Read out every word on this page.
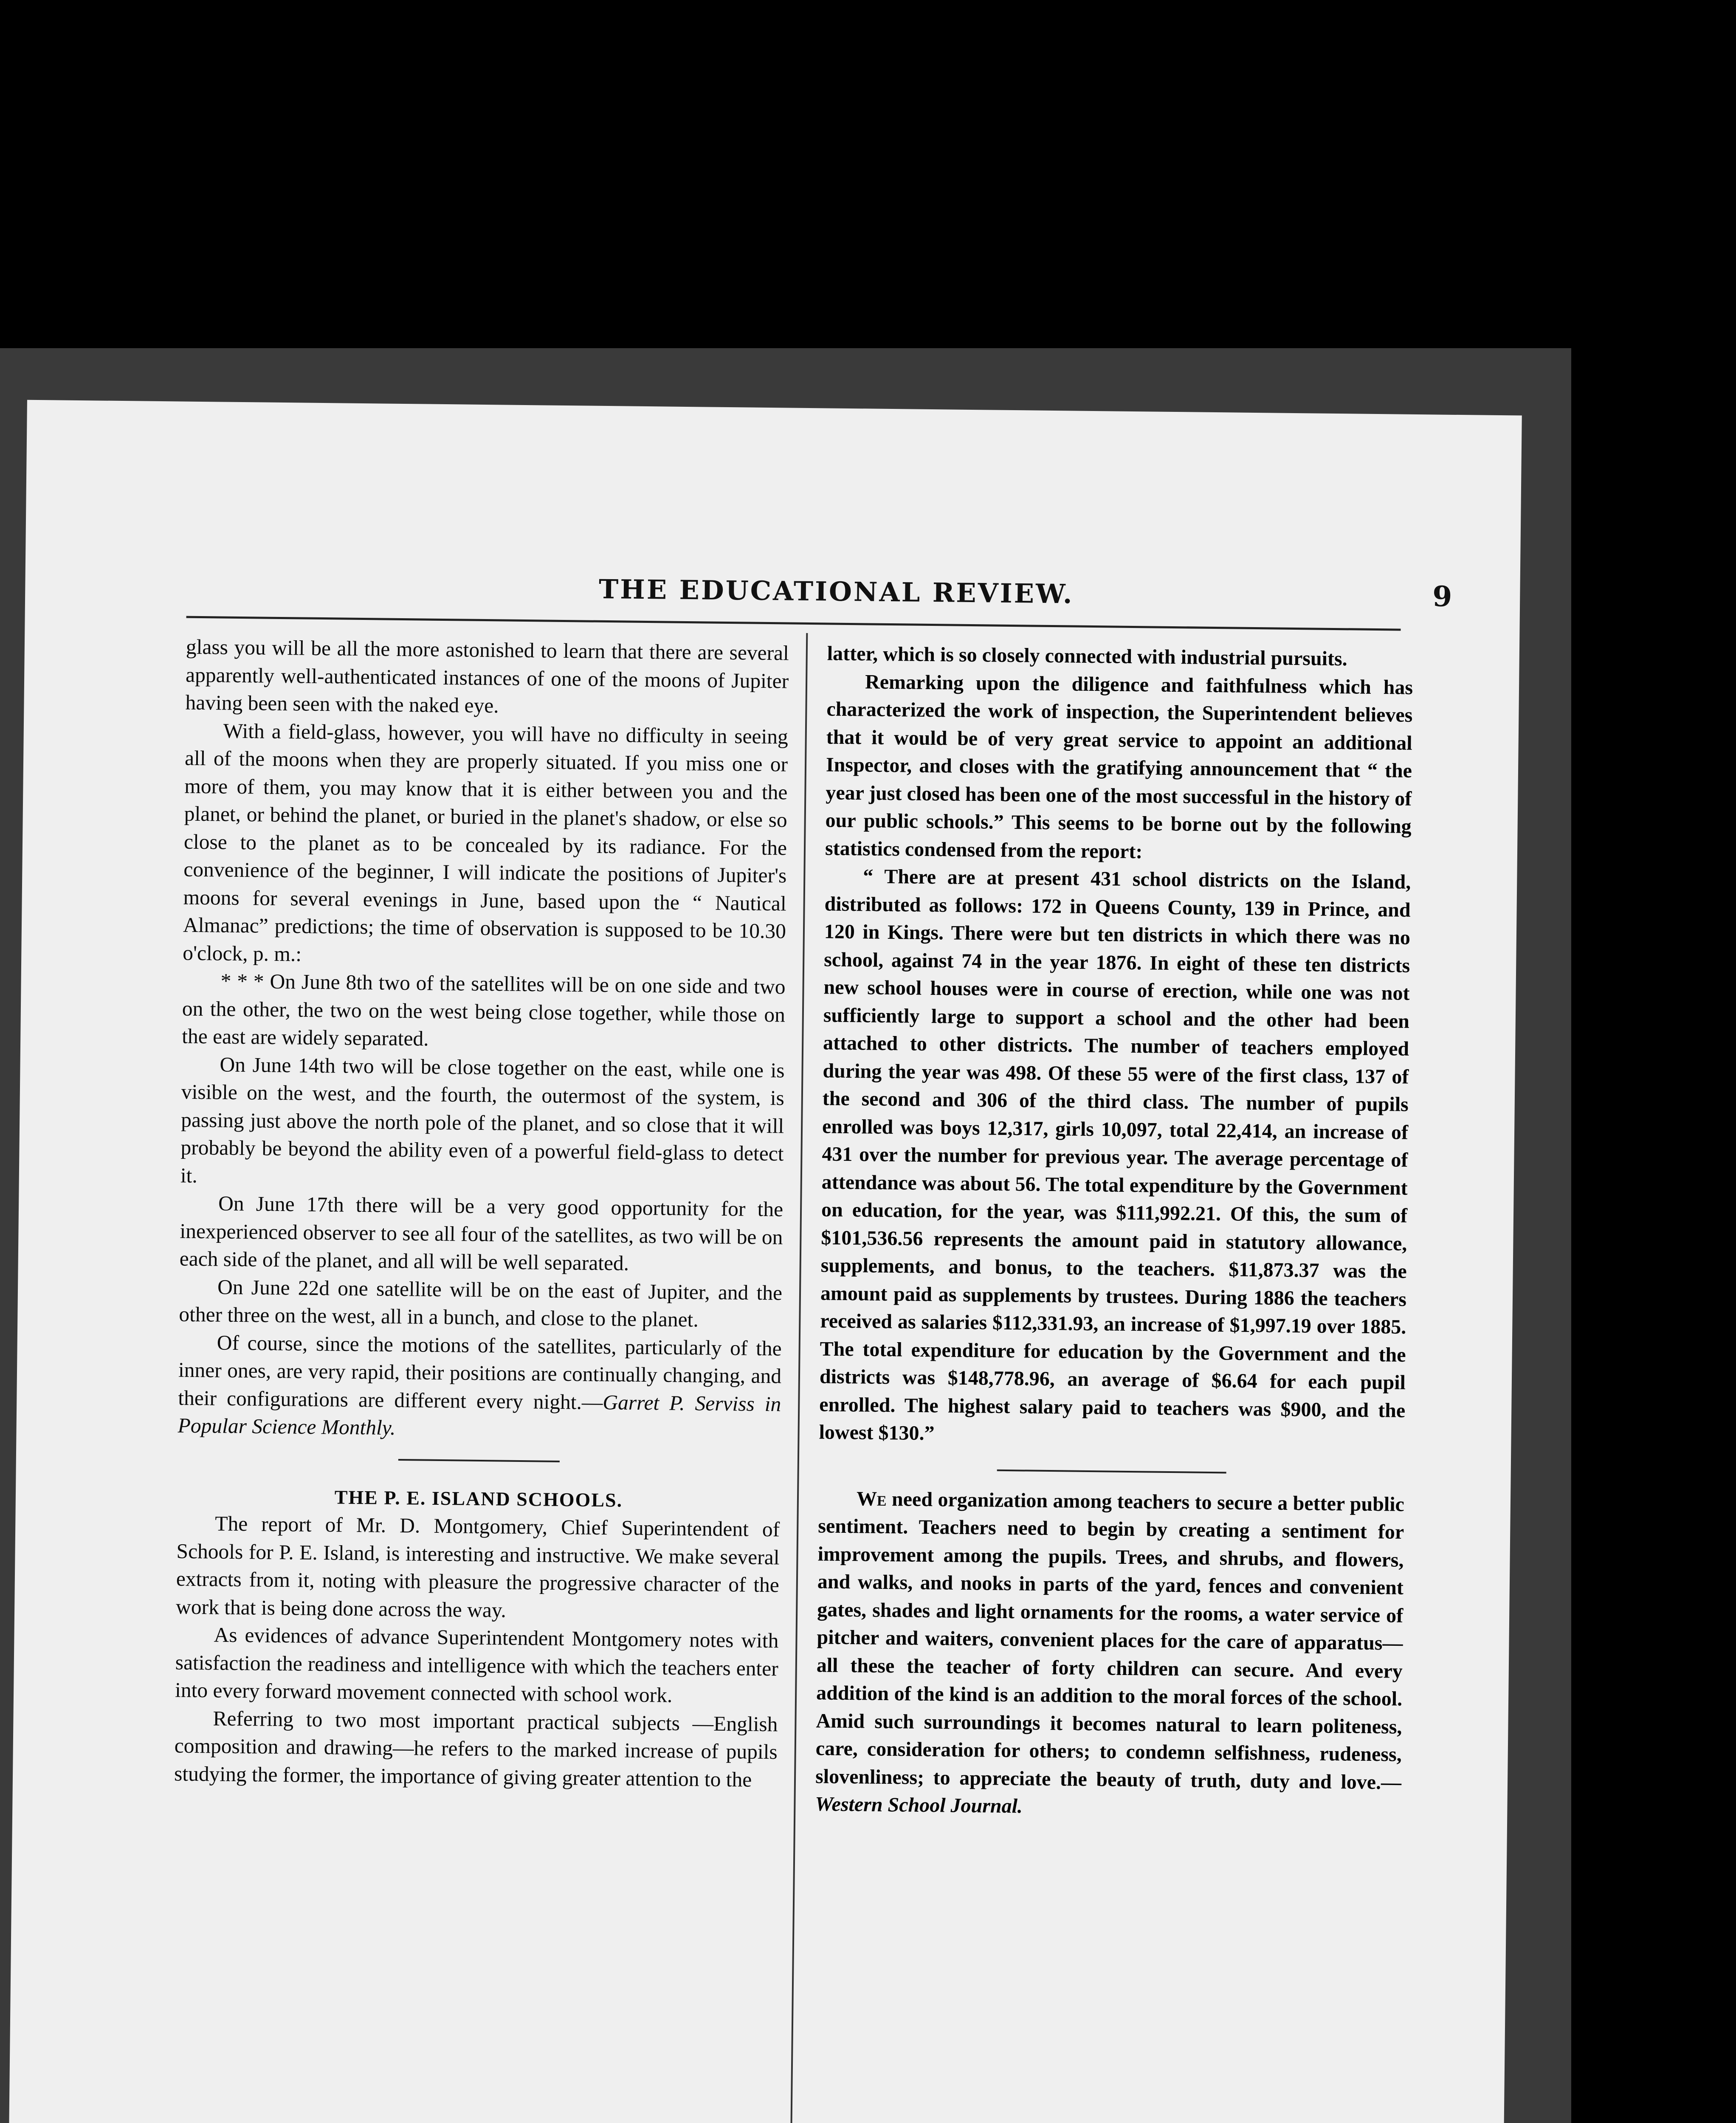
THE EDUCATIONAL REVIEW.	9

glass you will be all the more astonished to learn that there are several apparently well-authenticated instances of one of the moons of Jupiter having been seen with the naked eye.

With a field-glass, however, you will have no difficulty in seeing all of the moons when they are properly situated. If you miss one or more of them, you may know that it is either between you and the planet, or behind the planet, or buried in the planet's shadow, or else so close to the planet as to be concealed by its radiance. For the convenience of the beginner, I will indicate the positions of Jupiter's moons for several evenings in June, based upon the “ Nautical Almanac” predictions; the time of observation is supposed to be 10.30 o'clock, p. m.:

* * * On June 8th two of the satellites will be on one side and two on the other, the two on the west being close together, while those on the east are widely separated.

On June 14th two will be close together on the east, while one is visible on the west, and the fourth, the outermost of the system, is passing just above the north pole of the planet, and so close that it will probably be beyond the ability even of a powerful field-glass to detect it.

On June 17th there will be a very good opportunity for the inexperienced observer to see all four of the satellites, as two will be on each side of the planet, and all will be well separated.

On June 22d one satellite will be on the east of Jupiter, and the other three on the west, all in a bunch, and close to the planet.

Of course, since the motions of the satellites, particularly of the inner ones, are very rapid, their positions are continually changing, and their configurations are different every night.—Garret P. Serviss in Popular Science Monthly.

THE P. E. ISLAND SCHOOLS.

The report of Mr. D. Montgomery, Chief Superintendent of Schools for P. E. Island, is interesting and instructive. We make several extracts from it, noting with pleasure the progressive character of the work that is being done across the way.

As evidences of advance Superintendent Montgomery notes with satisfaction the readiness and intelligence with which the teachers enter into every forward movement connected with school work.

Referring to two most important practical subjects —English composition and drawing—he refers to the marked increase of pupils studying the former, the importance of giving greater attention to the

latter, which is so closely connected with industrial pursuits.

Remarking upon the diligence and faithfulness which has characterized the work of inspection, the Superintendent believes that it would be of very great service to appoint an additional Inspector, and closes with the gratifying announcement that “ the year just closed has been one of the most successful in the history of our public schools.” This seems to be borne out by the following statistics condensed from the report:

“ There are at present 431 school districts on the Island, distributed as follows: 172 in Queens County, 139 in Prince, and 120 in Kings. There were but ten districts in which there was no school, against 74 in the year 1876. In eight of these ten districts new school houses were in course of erection, while one was not sufficiently large to support a school and the other had been attached to other districts. The number of teachers employed during the year was 498. Of these 55 were of the first class, 137 of the second and 306 of the third class. The number of pupils enrolled was boys 12,317, girls 10,097, total 22,414, an increase of 431 over the number for previous year. The average percentage of attendance was about 56. The total expenditure by the Government on education, for the year, was $111,992.21. Of this, the sum of $101,536.56 represents the amount paid in statutory allowance, supplements, and bonus, to the teachers. $11,873.37 was the amount paid as supplements by trustees. During 1886 the teachers received as salaries $112,331.93, an increase of $1,997.19 over 1885. The total expenditure for education by the Government and the districts was $148,778.96, an average of $6.64 for each pupil enrolled. The highest salary paid to teachers was $900, and the lowest $130.”

We need organization among teachers to secure a better public sentiment. Teachers need to begin by creating a sentiment for improvement among the pupils. Trees, and shrubs, and flowers, and walks, and nooks in parts of the yard, fences and convenient gates, shades and light ornaments for the rooms, a water service of pitcher and waiters, convenient places for the care of apparatus—all these the teacher of forty children can secure. And every addition of the kind is an addition to the moral forces of the school. Amid such surroundings it becomes natural to learn politeness, care, consideration for others; to condemn selfishness, rudeness, slovenliness; to appreciate the beauty of truth, duty and love.—Western School Journal.
